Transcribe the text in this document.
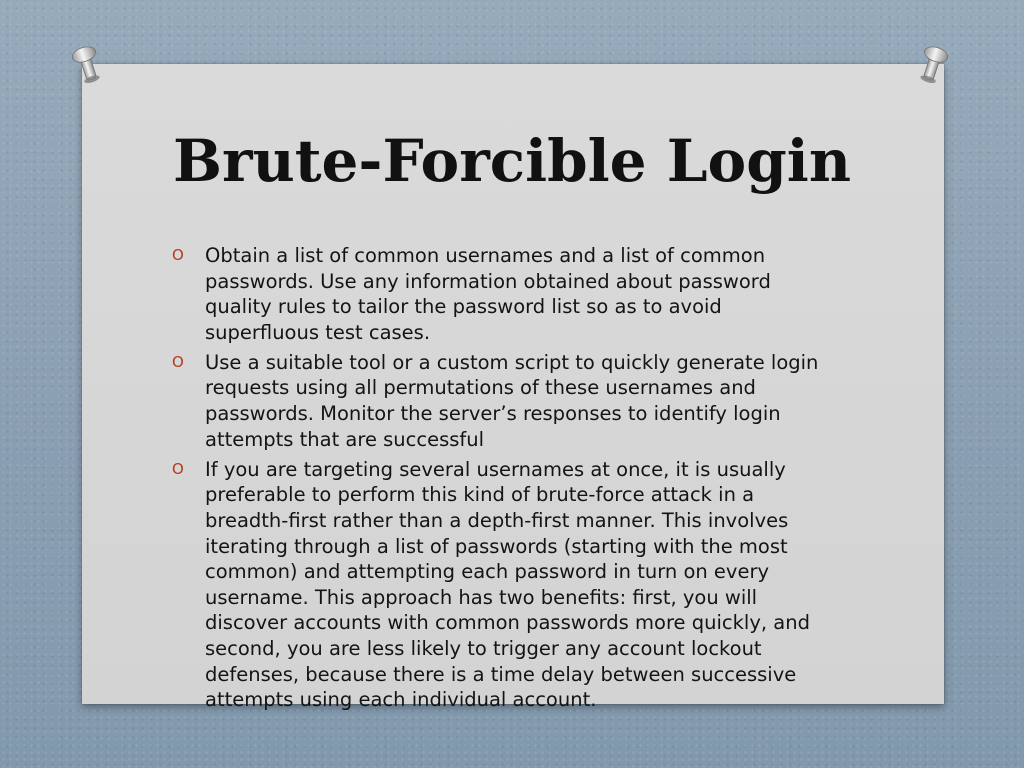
Brute-Forcible Login
O Obtain a list of common usernames and a list of common passwords. Use any information obtained about password quality rules to tailor the password list so as to avoid superfluous test cases.
O Use a suitable tool or a custom script to quickly generate login requests using all permutations of these usernames and passwords. Monitor the server’s responses to identify login attempts that are successful
O If you are targeting several usernames at once, it is usually preferable to perform this kind of brute-force attack in a breadth-first rather than a depth-first manner. This involves iterating through a list of passwords (starting with the most common) and attempting each password in turn on every username. This approach has two benefits: first, you will discover accounts with common passwords more quickly, and second, you are less likely to trigger any account lockout defenses, because there is a time delay between successive attempts using each individual account.
